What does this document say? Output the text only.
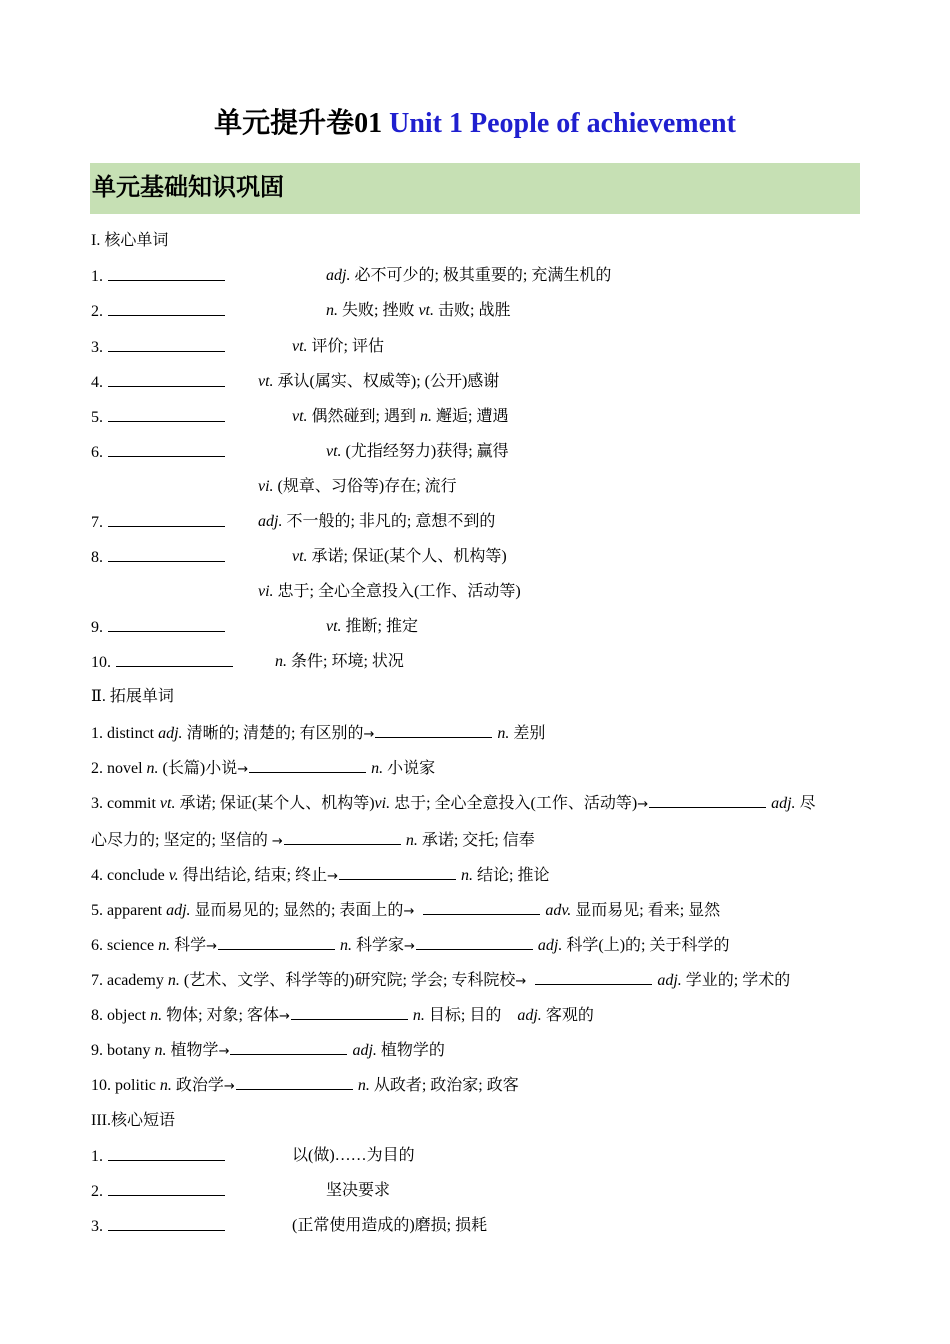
单元提升卷01 Unit 1 People of achievement
单元基础知识巩固
I. 核心单词
1.	adj. 必不可少的; 极其重要的; 充满生机的
2.	n. 失败; 挫败 vt. 击败; 战胜
3.	vt. 评价; 评估
4.	vt. 承认(属实、权威等); (公开)感谢
5.	vt. 偶然碰到; 遇到 n. 邂逅; 遭遇
6.	vt. (尤指经努力)获得; 赢得
vi. (规章、习俗等)存在; 流行
7.	adj. 不一般的; 非凡的; 意想不到的
8.	vt. 承诺; 保证(某个人、机构等)
vi. 忠于; 全心全意投入(工作、活动等)
9.	vt. 推断; 推定
10.	n. 条件; 环境; 状况
Ⅱ. 拓展单词
1. distinct adj. 清晰的; 清楚的; 有区别的→	n. 差别
2. novel n. (长篇)小说→	n. 小说家
3. commit vt. 承诺; 保证(某个人、机构等)vi. 忠于; 全心全意投入(工作、活动等)→	adj. 尽
心尽力的; 坚定的; 坚信的 →	n. 承诺; 交托; 信奉
4. conclude v. 得出结论, 结束; 终止→	n. 结论; 推论
5. apparent adj. 显而易见的; 显然的; 表面上的→	adv. 显而易见; 看来; 显然
6. science n. 科学→	n. 科学家→	adj. 科学(上)的; 关于科学的
7. academy n. (艺术、文学、科学等的)研究院; 学会; 专科院校→	adj. 学业的; 学术的
8. object n. 物体; 对象; 客体→	n. 目标; 目的    adj. 客观的
9. botany n. 植物学→	adj. 植物学的
10. politic n. 政治学→	n. 从政者; 政治家; 政客
III.核心短语
1.	以(做)……为目的
2.	坚决要求
3.	(正常使用造成的)磨损; 损耗
